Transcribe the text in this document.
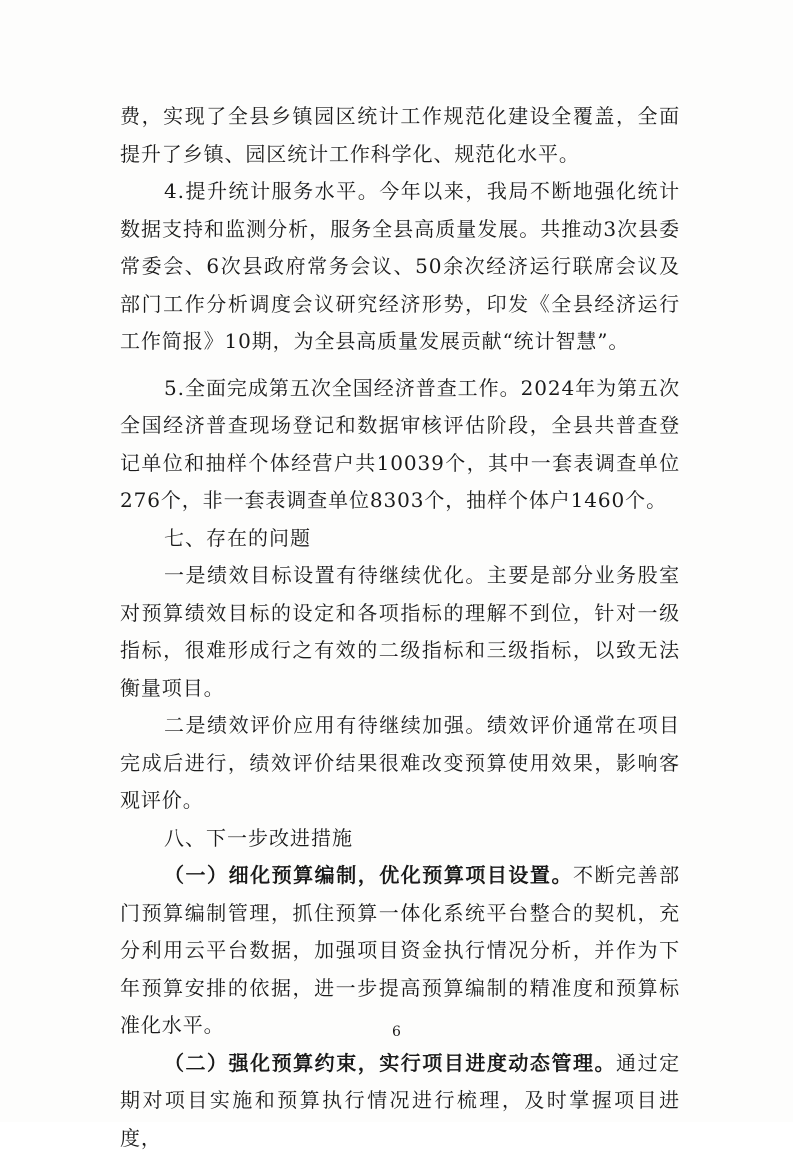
费，实现了全县乡镇园区统计工作规范化建设全覆盖，全面提升了乡镇、园区统计工作科学化、规范化水平。

4.提升统计服务水平。今年以来，我局不断地强化统计数据支持和监测分析，服务全县高质量发展。共推动3次县委常委会、6次县政府常务会议、50余次经济运行联席会议及部门工作分析调度会议研究经济形势，印发《全县经济运行工作简报》10期，为全县高质量发展贡献“统计智慧”。

5.全面完成第五次全国经济普查工作。2024年为第五次全国经济普查现场登记和数据审核评估阶段，全县共普查登记单位和抽样个体经营户共10039个，其中一套表调查单位276个，非一套表调查单位8303个，抽样个体户1460个。

七、存在的问题

一是绩效目标设置有待继续优化。主要是部分业务股室对预算绩效目标的设定和各项指标的理解不到位，针对一级指标，很难形成行之有效的二级指标和三级指标，以致无法衡量项目。

二是绩效评价应用有待继续加强。绩效评价通常在项目完成后进行，绩效评价结果很难改变预算使用效果，影响客观评价。

八、下一步改进措施

（一）细化预算编制，优化预算项目设置。不断完善部门预算编制管理，抓住预算一体化系统平台整合的契机，充分利用云平台数据，加强项目资金执行情况分析，并作为下年预算安排的依据，进一步提高预算编制的精准度和预算标准化水平。

（二）强化预算约束，实行项目进度动态管理。通过定期对项目实施和预算执行情况进行梳理，及时掌握项目进度，

6
